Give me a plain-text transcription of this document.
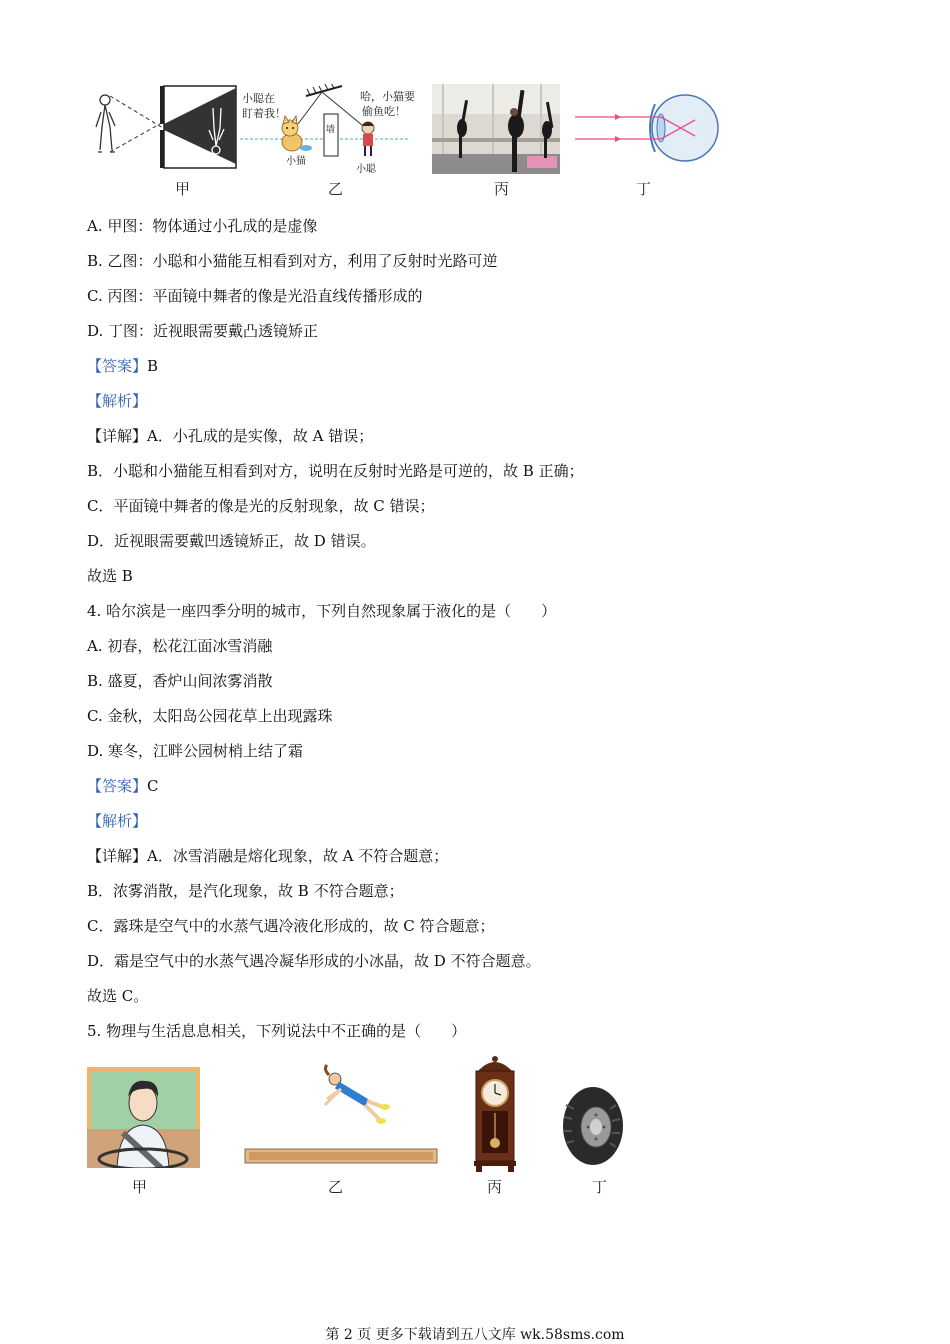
甲
墙
小聪在
盯着我！
哈，小猫要
偷鱼吃！
小猫
小聪
乙	丙	丁
A. 甲图：物体通过小孔成的是虚像
B. 乙图：小聪和小猫能互相看到对方，利用了反射时光路可逆
C. 丙图：平面镜中舞者的像是光沿直线传播形成的
D. 丁图：近视眼需要戴凸透镜矫正
【答案】B
【解析】
【详解】A．小孔成的是实像，故 A 错误；
B．小聪和小猫能互相看到对方，说明在反射时光路是可逆的，故 B 正确；
C．平面镜中舞者的像是光的反射现象，故 C 错误；
D．近视眼需要戴凹透镜矫正，故 D 错误。
故选 B
4. 哈尔滨是一座四季分明的城市，下列自然现象属于液化的是（　　）
A. 初春，松花江面冰雪消融
B. 盛夏，香炉山间浓雾消散
C. 金秋，太阳岛公园花草上出现露珠
D. 寒冬，江畔公园树梢上结了霜
【答案】C
【解析】
【详解】A．冰雪消融是熔化现象，故 A 不符合题意；
B．浓雾消散，是汽化现象，故 B 不符合题意；
C．露珠是空气中的水蒸气遇冷液化形成的，故 C 符合题意；
D．霜是空气中的水蒸气遇冷凝华形成的小冰晶，故 D 不符合题意。
故选 C。
5. 物理与生活息息相关，下列说法中不正确的是（　　）
甲	乙	丙	丁
第 2 页 更多下载请到五八文库 wk.58sms.com
